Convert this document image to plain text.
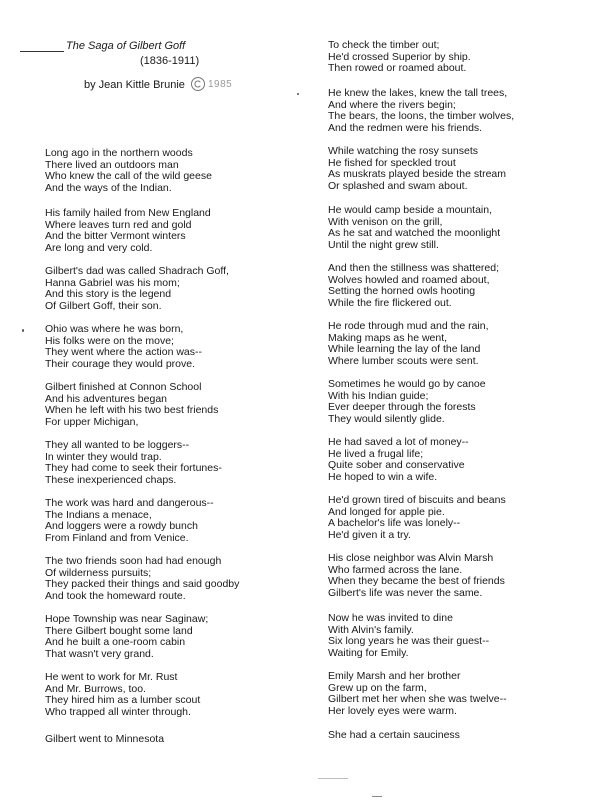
The Saga of Gilbert Goff
(1836-1911)
by Jean Kittle Brunie 1985
Long ago in the northern woods
There lived an outdoors man
Who knew the call of the wild geese
And the ways of the Indian.
His family hailed from New England
Where leaves turn red and gold
And the bitter Vermont winters
Are long and very cold.
Gilbert's dad was called Shadrach Goff,
Hanna Gabriel was his mom;
And this story is the legend
Of Gilbert Goff, their son.
Ohio was where he was born,
His folks were on the move;
They went where the action was--
Their courage they would prove.
Gilbert finished at Connon School
And his adventures began
When he left with his two best friends
For upper Michigan,
They all wanted to be loggers--
In winter they would trap.
They had come to seek their fortunes-
These inexperienced chaps.
The work was hard and dangerous--
The Indians a menace,
And loggers were a rowdy bunch
From Finland and from Venice.
The two friends soon had had enough
Of wilderness pursuits;
They packed their things and said goodby
And took the homeward route.
Hope Township was near Saginaw;
There Gilbert bought some land
And he built a one-room cabin
That wasn't very grand.
He went to work for Mr. Rust
And Mr. Burrows, too.
They hired him as a lumber scout
Who trapped all winter through.
Gilbert went to Minnesota
To check the timber out;
He'd crossed Superior by ship.
Then rowed or roamed about.
He knew the lakes, knew the tall trees,
And where the rivers begin;
The bears, the loons, the timber wolves,
And the redmen were his friends.
While watching the rosy sunsets
He fished for speckled trout
As muskrats played beside the stream
Or splashed and swam about.
He would camp beside a mountain,
With venison on the grill,
As he sat and watched the moonlight
Until the night grew still.
And then the stillness was shattered;
Wolves howled and roamed about,
Setting the horned owls hooting
While the fire flickered out.
He rode through mud and the rain,
Making maps as he went,
While learning the lay of the land
Where lumber scouts were sent.
Sometimes he would go by canoe
With his Indian guide;
Ever deeper through the forests
They would silently glide.
He had saved a lot of money--
He lived a frugal life;
Quite sober and conservative
He hoped to win a wife.
He'd grown tired of biscuits and beans
And longed for apple pie.
A bachelor's life was lonely--
He'd given it a try.
His close neighbor was Alvin Marsh
Who farmed across the lane.
When they became the best of friends
Gilbert's life was never the same.
Now he was invited to dine
With Alvin's family.
Six long years he was their guest--
Waiting for Emily.
Emily Marsh and her brother
Grew up on the farm,
Gilbert met her when she was twelve--
Her lovely eyes were warm.
She had a certain sauciness
